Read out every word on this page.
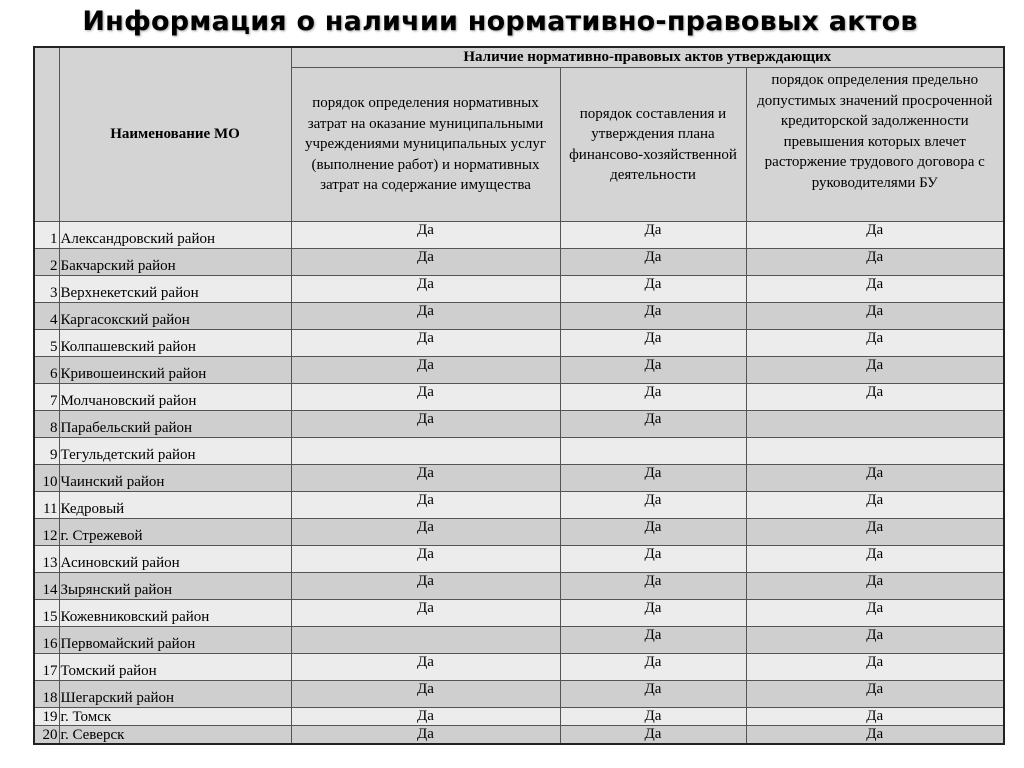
Информация о наличии нормативно-правовых актов
	Наименование МО	Наличие нормативно-правовых актов утверждающих		
		порядок определения нормативных затрат на оказание муниципальными учреждениями муниципальных услуг (выполнение работ) и нормативных затрат на содержание имущества	порядок составления и утверждения плана финансово-хозяйственной деятельности	порядок определения предельно допустимых значений просроченной кредиторской задолженности превышения которых влечет расторжение трудового договора с руководителями БУ
1	Александровский район	Да	Да	Да
2	Бакчарский район	Да	Да	Да
3	Верхнекетский район	Да	Да	Да
4	Каргасокский район	Да	Да	Да
5	Колпашевский район	Да	Да	Да
6	Кривошеинский район	Да	Да	Да
7	Молчановский район	Да	Да	Да
8	Парабельский район	Да	Да	
9	Тегульдетский район			
10	Чаинский район	Да	Да	Да
11	Кедровый	Да	Да	Да
12	г. Стрежевой	Да	Да	Да
13	Асиновский район	Да	Да	Да
14	Зырянский район	Да	Да	Да
15	Кожевниковский район	Да	Да	Да
16	Первомайский район		Да	Да
17	Томский район	Да	Да	Да
18	Шегарский район	Да	Да	Да
19	г. Томск	Да	Да	Да
20	г. Северск	Да	Да	Да
